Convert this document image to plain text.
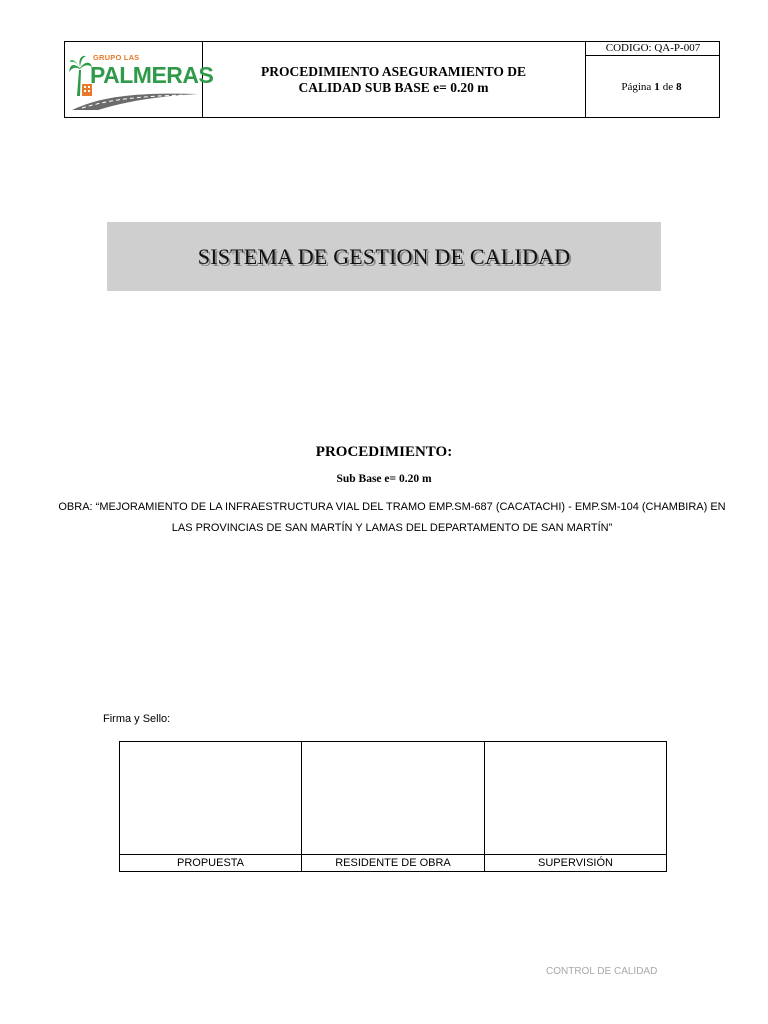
GRUPO LAS
PALMERAS	PROCEDIMIENTO ASEGURAMIENTO DE
CALIDAD SUB BASE e= 0.20 m
CODIGO: QA-P-007
Página 1 de 8
SISTEMA DE GESTION DE CALIDAD
PROCEDIMIENTO:
Sub Base e= 0.20 m
OBRA: “MEJORAMIENTO DE LA INFRAESTRUCTURA VIAL DEL TRAMO EMP.SM-687 (CACATACHI) - EMP.SM-104 (CHAMBIRA) EN LAS PROVINCIAS DE SAN MARTÍN Y LAMAS DEL DEPARTAMENTO DE SAN MARTÍN”
Firma y Sello:
PROPUESTA	RESIDENTE DE OBRA	SUPERVISIÓN
CONTROL DE CALIDAD
